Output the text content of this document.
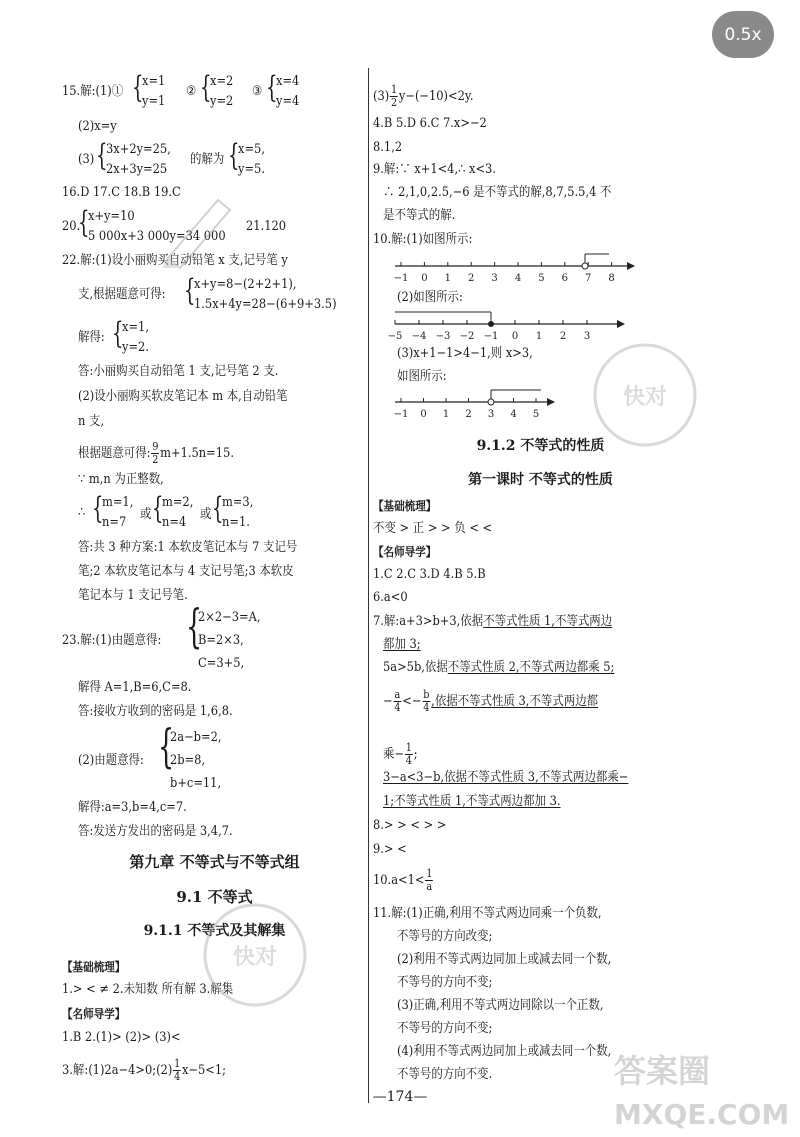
0.5x
15.解:(1)① {
x=1
y=1
② {
x=2
y=2
③ {
x=4
y=4
(2)x=y
(3) {
3x+2y=25,
2x+3y=25
的解为 {
x=5,
y=5.
16.D 17.C 18.B 19.C
20.
{
x+y=10
5 000x+3 000y=34 000
21.120
22.解:(1)设小丽购买自动铅笔 x 支,记号笔 y
支,根据题意可得: {
x+y=8−(2+2+1),
1.5x+4y=28−(6+9+3.5)
解得: {
x=1,
y=2.
答:小丽购买自动铅笔 1 支,记号笔 2 支.
(2)设小丽购买软皮笔记本 m 本,自动铅笔
n 支,
根据题意可得: $\frac{9}{2} m+1.5n=15$.
∵ m,n 为正整数,
∴ {
m=1,
n=7
或 {
m=2,
n=4
或 {
m=3,
n=1.
答:共 3 种方案:1 本软皮笔记本与 7 支记号
笔;2 本软皮笔记本与 4 支记号笔;3 本软皮
笔记本与 1 支记号笔.
23.解:(1)由题意得: {
2×2−3=A,
B=2×3,
C=3+5,
解得 A=1,B=6,C=8.
答:接收方收到的密码是 1,6,8.
(2)由题意得: {
2a−b=2,
2b=8,
b+c=11,
解得:a=3,b=4,c=7.
答:发送方发出的密码是 3,4,7.
第九章 不等式与不等式组
9.1 不等式
9.1.1 不等式及其解集
【基础梳理】
1.> < ≠ 2.未知数 所有解 3.解集
【名师导学】
1.B 2.(1)> (2)> (3)<
3.解:(1)2a−4>0;(2) $\frac{1}{4} x-5<1$;
$(3) \frac{1}{2} y-(-10)<2y$.
4.B 5.D 6.C 7.x>−2
8.1,2
9.解:∵ x+1<4,∴ x<3.
∴ 2,1,0,2.5,−6 是不等式的解,8,7,5.5,4 不
是不等式的解.
10.解:(1)如图所示:
−1 0 1 2 3 4 5 6 7 8
(2)如图所示:
−5 −4 −3 −2 −1 0 1 2 3
(3)x+1−1>4−1,则 x>3,
如图所示:
−1 0 1 2 3 4 5
9.1.2 不等式的性质
第一课时 不等式的性质
【基础梳理】
不变 > 正 > > 负 < <
【名师导学】
1.C 2.C 3.D 4.B 5.B
6.a<0
7.解:a+3>b+3,依据不等式性质 1,不等式两边
都加 3;
5a>5b,依据不等式性质 2,不等式两边都乘 5;
− $\frac{a}{4} <- \frac{b}{4}$ ,依据不等式性质 3,不等式两边都
乘− $\frac{1}{4}$ ;
3−a<3−b,依据不等式性质 3,不等式两边都乘−
1;不等式性质 1,不等式两边都加 3.
8.> > < > >
9.> <
$10.a<1< \frac{1}{a}$
11.解:(1)正确,利用不等式两边同乘一个负数,
不等号的方向改变;
(2)利用不等式两边同加上或减去同一个数,
不等号的方向不变;
(3)正确,利用不等式两边同除以一个正数,
不等号的方向不变;
(4)利用不等式两边同加上或减去同一个数,
不等号的方向不变.
—174—
快对
快对
答案圈
MXQE.COM
